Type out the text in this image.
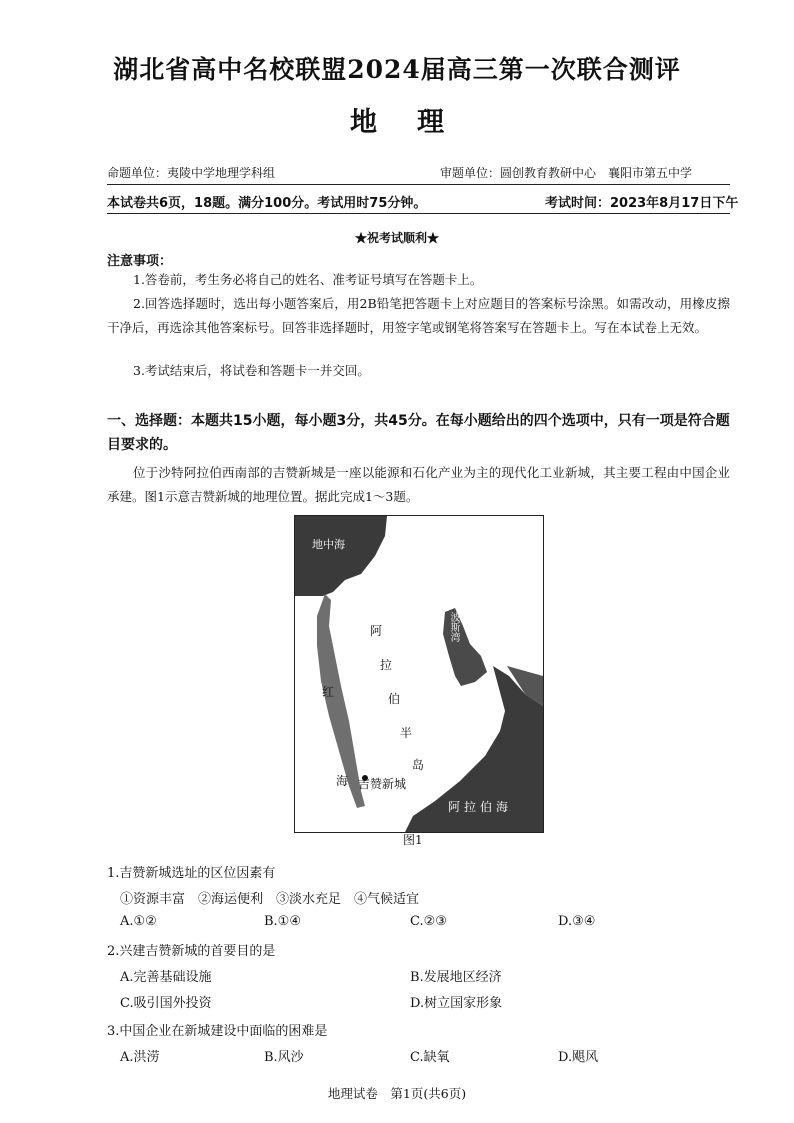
湖北省高中名校联盟2024届高三第一次联合测评
地理
命题单位：夷陵中学地理学科组	审题单位：圆创教育教研中心　襄阳市第五中学
本试卷共6页，18题。满分100分。考试用时75分钟。	考试时间：2023年8月17日下午
★祝考试顺利★
注意事项：
1.答卷前，考生务必将自己的姓名、准考证号填写在答题卡上。
2.回答选择题时，选出每小题答案后，用2B铅笔把答题卡上对应题目的答案标号涂黑。如需改动，用橡皮擦干净后，再选涂其他答案标号。回答非选择题时，用签字笔或钢笔将答案写在答题卡上。写在本试卷上无效。
3.考试结束后，将试卷和答题卡一并交回。
一、选择题：本题共15小题，每小题3分，共45分。在每小题给出的四个选项中，只有一项是符合题目要求的。
位于沙特阿拉伯西南部的吉赞新城是一座以能源和石化产业为主的现代化工业新城，其主要工程由中国企业承建。图1示意吉赞新城的地理位置。据此完成1～3题。
地中海
阿
拉
伯
半
岛
红
海 吉赞新城
波斯湾
阿拉伯海
图1
1.吉赞新城选址的区位因素有
①资源丰富　②海运便利　③淡水充足　④气候适宜
A.①②	B.①④	C.②③	D.③④
2.兴建吉赞新城的首要目的是
A.完善基础设施	B.发展地区经济
C.吸引国外投资	D.树立国家形象
3.中国企业在新城建设中面临的困难是
A.洪涝	B.风沙	C.缺氧	D.飓风
地理试卷　第1页(共6页)
